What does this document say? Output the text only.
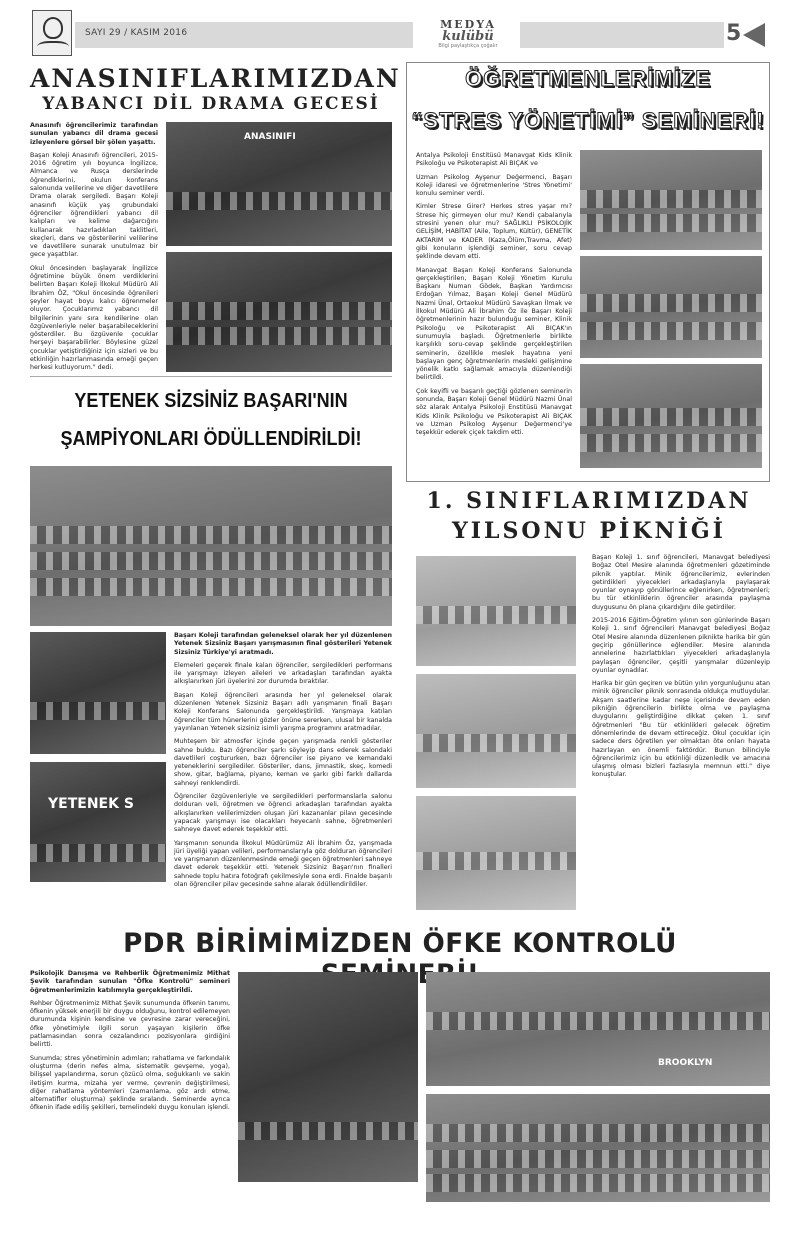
SAYI 29 / KASIM 2016
MEDYA
kulübü
Bilgi paylaştıkça çoğalır	5
ANASINIFLARIMIZDAN
YABANCI DİL DRAMA GECESİ

Anasınıfı öğrencilerimiz tarafından sunulan yabancı dil drama gecesi izleyenlere görsel bir şölen yaşattı.

Başarı Koleji Anasınıfı öğrencileri, 2015-2016 öğretim yılı boyunca İngilizce, Almanca ve Rusça derslerinde öğrendiklerini, okulun konferans salonunda velilerine ve diğer davetlilere Drama olarak sergiledi. Başarı Koleji anasınıfı küçük yaş grubundaki öğrenciler öğrendikleri yabancı dil kalıpları ve kelime dağarcığını kullanarak hazırladıkları taklitleri, skeçleri, dans ve gösterilerini velilerine ve davetlilere sunarak unutulmaz bir gece yaşattılar.

Okul öncesinden başlayarak İngilizce öğretimine büyük önem verdiklerini belirten Başarı Koleji İlkokul Müdürü Ali İbrahim ÖZ, "Okul öncesinde öğrenileri şeyler hayat boyu kalıcı öğrenmeler oluyor. Çocuklarımız yabancı dil bilgilerinin yanı sıra kendilerine olan özgüvenleriyle neler başarabileceklerini gösterdiler. Bu özgüvenle çocuklar herşeyi başarabilirler. Böylesine güzel çocuklar yetiştirdiğiniz için sizleri ve bu etkinliğin hazırlanmasında emeği geçen herkesi kutluyorum." dedi.

ANASINIFI
ÖĞRETMENLERİMİZE
“STRES YÖNETİMİ” SEMİNERİ!

Antalya Psikoloji Enstitüsü Manavgat Kids Klinik Psikoloğu ve Psikoterapist Ali BIÇAK ve

Uzman Psikolog Ayşenur Değermenci, Başarı Koleji idaresi ve öğretmenlerine 'Stres Yönetimi' konulu seminer verdi.

Kimler Strese Girer? Herkes stres yaşar mı? Strese hiç girmeyen olur mu? Kendi çabalarıyla stresini yenen olur mu? SAĞLIKLI PSİKOLOJİK GELİŞİM, HABİTAT (Aile, Toplum, Kültür), GENETİK AKTARIM ve KADER (Kaza,Ölüm,Travma, Afet) gibi konuların işlendiği seminer, soru cevap şeklinde devam etti.

Manavgat Başarı Koleji Konferans Salonunda gerçekleştirilen, Başarı Koleji Yönetim Kurulu Başkanı Numan Gödek, Başkan Yardımcısı Erdoğan Yılmaz, Başarı Koleji Genel Müdürü Nazmi Ünal, Ortaokul Müdürü Savaşkan İlmak ve İlkokul Müdürü Ali İbrahim Öz ile Başarı Koleji öğretmenlerinin hazır bulunduğu seminer, Klinik Psikoloğu ve Psikoterapist Ali BIÇAK'ın sunumuyla başladı. Öğretmenlerle birlikte karşılıklı soru-cevap şeklinde gerçekleştirilen seminerin, özellikle meslek hayatına yeni başlayan genç öğretmenlerin mesleki gelişimine yönelik katkı sağlamak amacıyla düzenlendiği belirtildi.

Çok keyifli ve başarılı geçtiği gözlenen seminerin sonunda, Başarı Koleji Genel Müdürü Nazmi Ünal söz alarak Antalya Psikoloji Enstitüsü Manavgat Kids Klinik Psikoloğu ve Psikoterapist Ali BIÇAK ve Uzman Psikolog Ayşenur Değermenci'ye teşekkür ederek çiçek takdim etti.

YETENEK SİZSİNİZ BAŞARI'NIN
ŞAMPİYONLARI ÖDÜLLENDİRİLDİ!
YETENEK S

Başarı Koleji tarafından geleneksel olarak her yıl düzenlenen Yetenek Sizsiniz Başarı yarışmasının final gösterileri Yetenek Sizsiniz Türkiye'yi aratmadı.

Elemeleri geçerek finale kalan öğrenciler, sergiledikleri performans ile yarışmayı izleyen aileleri ve arkadaşları tarafından ayakta alkışlanırken jüri üyelerini zor durumda bıraktılar.

Başarı Koleji öğrencileri arasında her yıl geleneksel olarak düzenlenen Yetenek Sizsiniz Başarı adlı yarışmanın finali Başarı Koleji Konferans Salonunda gerçekleştirildi. Yarışmaya katılan öğrenciler tüm hünerlerini gözler önüne sererken, ulusal bir kanalda yayınlanan Yetenek sizsiniz isimli yarışma programını aratmadılar.

Muhteşem bir atmosfer içinde geçen yarışmada renkli gösteriler sahne buldu. Bazı öğrenciler şarkı söyleyip dans ederek salondaki davetlileri coştururken, bazı öğrenciler ise piyano ve kemandaki yeteneklerini sergilediler. Gösteriler, dans, jimnastik, skeç, komedi show, gitar, bağlama, piyano, keman ve şarkı gibi farklı dallarda sahneyi renklendirdi.

Öğrenciler özgüvenleriyle ve sergiledikleri performanslarla salonu dolduran veli, öğretmen ve öğrenci arkadaşları tarafından ayakta alkışlanırken velilerimizden oluşan jüri kazananlar pilavı gecesinde yapacak yarışmayı ise olacakları heyecanlı sahne, öğretmenleri sahneye davet ederek teşekkür etti.

Yarışmanın sonunda İlkokul Müdürümüz Ali İbrahim Öz, yarışmada jüri üyeliği yapan velileri, performanslarıyla göz dolduran öğrencileri ve yarışmanın düzenlenmesinde emeği geçen öğretmenleri sahneye davet ederek teşekkür etti. Yetenek Sizsiniz Başarı'nın finalleri sahnede toplu hatıra fotoğrafı çekilmesiyle sona erdi. Finalde başarılı olan öğrenciler pilav gecesinde sahne alarak ödüllendirildiler.

1. SINIFLARIMIZDAN
YILSONU PİKNİĞİ

Başarı Koleji 1. sınıf öğrencileri, Manavgat belediyesi Boğaz Otel Mesire alanında öğretmenleri gözetiminde piknik yaptılar. Minik öğrencilerimiz, evlerinden getirdikleri yiyecekleri arkadaşlarıyla paylaşarak oyunlar oynayıp gönüllerince eğlenirken, öğretmenleri; bu tür etkinliklerin öğrenciler arasında paylaşma duygusunu ön plana çıkardığını dile getirdiler.

2015-2016 Eğitim-Öğretim yılının son günlerinde Başarı Koleji 1. sınıf öğrencileri Manavgat belediyesi Boğaz Otel Mesire alanında düzenlenen piknikte harika bir gün geçirip gönüllerince eğlendiler. Mesire alanında annelerine hazırlattıkları yiyecekleri arkadaşlarıyla paylaşan öğrenciler, çeşitli yarışmalar düzenleyip oyunlar oynadılar.

Harika bir gün geçiren ve bütün yılın yorgunluğunu atan minik öğrenciler piknik sonrasında oldukça mutluydular. Akşam saatlerine kadar neşe içerisinde devam eden pikniğin öğrencilerin birlikte olma ve paylaşma duygularını geliştirdiğine dikkat çeken 1. sınıf öğretmenleri "Bu tür etkinlikleri gelecek öğretim dönemlerinde de devam ettireceğiz. Okul çocuklar için sadece ders öğretilen yer olmaktan öte onları hayata hazırlayan en önemli faktördür. Bunun bilinciyle öğrencilerimiz için bu etkinliği düzenledik ve amacına ulaşmış olması bizleri fazlasıyla memnun etti." diye konuştular.

PDR BİRİMİMİZDEN ÖFKE KONTROLÜ

Psikolojik Danışma ve Rehberlik Öğretmenimiz Mithat Şevik tarafından sunulan "Öfke Kontrolü" semineri öğretmenlerimizin katılımıyla gerçekleştirildi.

Rehber Öğretmenimiz Mithat Şevik sunumunda öfkenin tanımı, öfkenin yüksek enerjili bir duygu olduğunu, kontrol edilemeyen durumunda kişinin kendisine ve çevresine zarar vereceğini, öfke yönetimiyle ilgili sorun yaşayan kişilerin öfke patlamasından sonra cezalandırıcı pozisyonlara girdiğini belirtti.

Sunumda; stres yönetiminin adımları; rahatlama ve farkındalık oluşturma (derin nefes alma, sistematik gevşeme, yoga), bilişsel yapılandırma, sorun çözücü olma, soğukkanlı ve sakin iletişim kurma, mizaha yer verme, çevrenin değiştirilmesi, diğer rahatlama yöntemleri (zamanlama, göz ardı etme, alternatifler oluşturma) şeklinde sıralandı. Seminerde ayrıca öfkenin ifade ediliş şekilleri, temelindeki duygu konuları işlendi.

BROOKLYN
